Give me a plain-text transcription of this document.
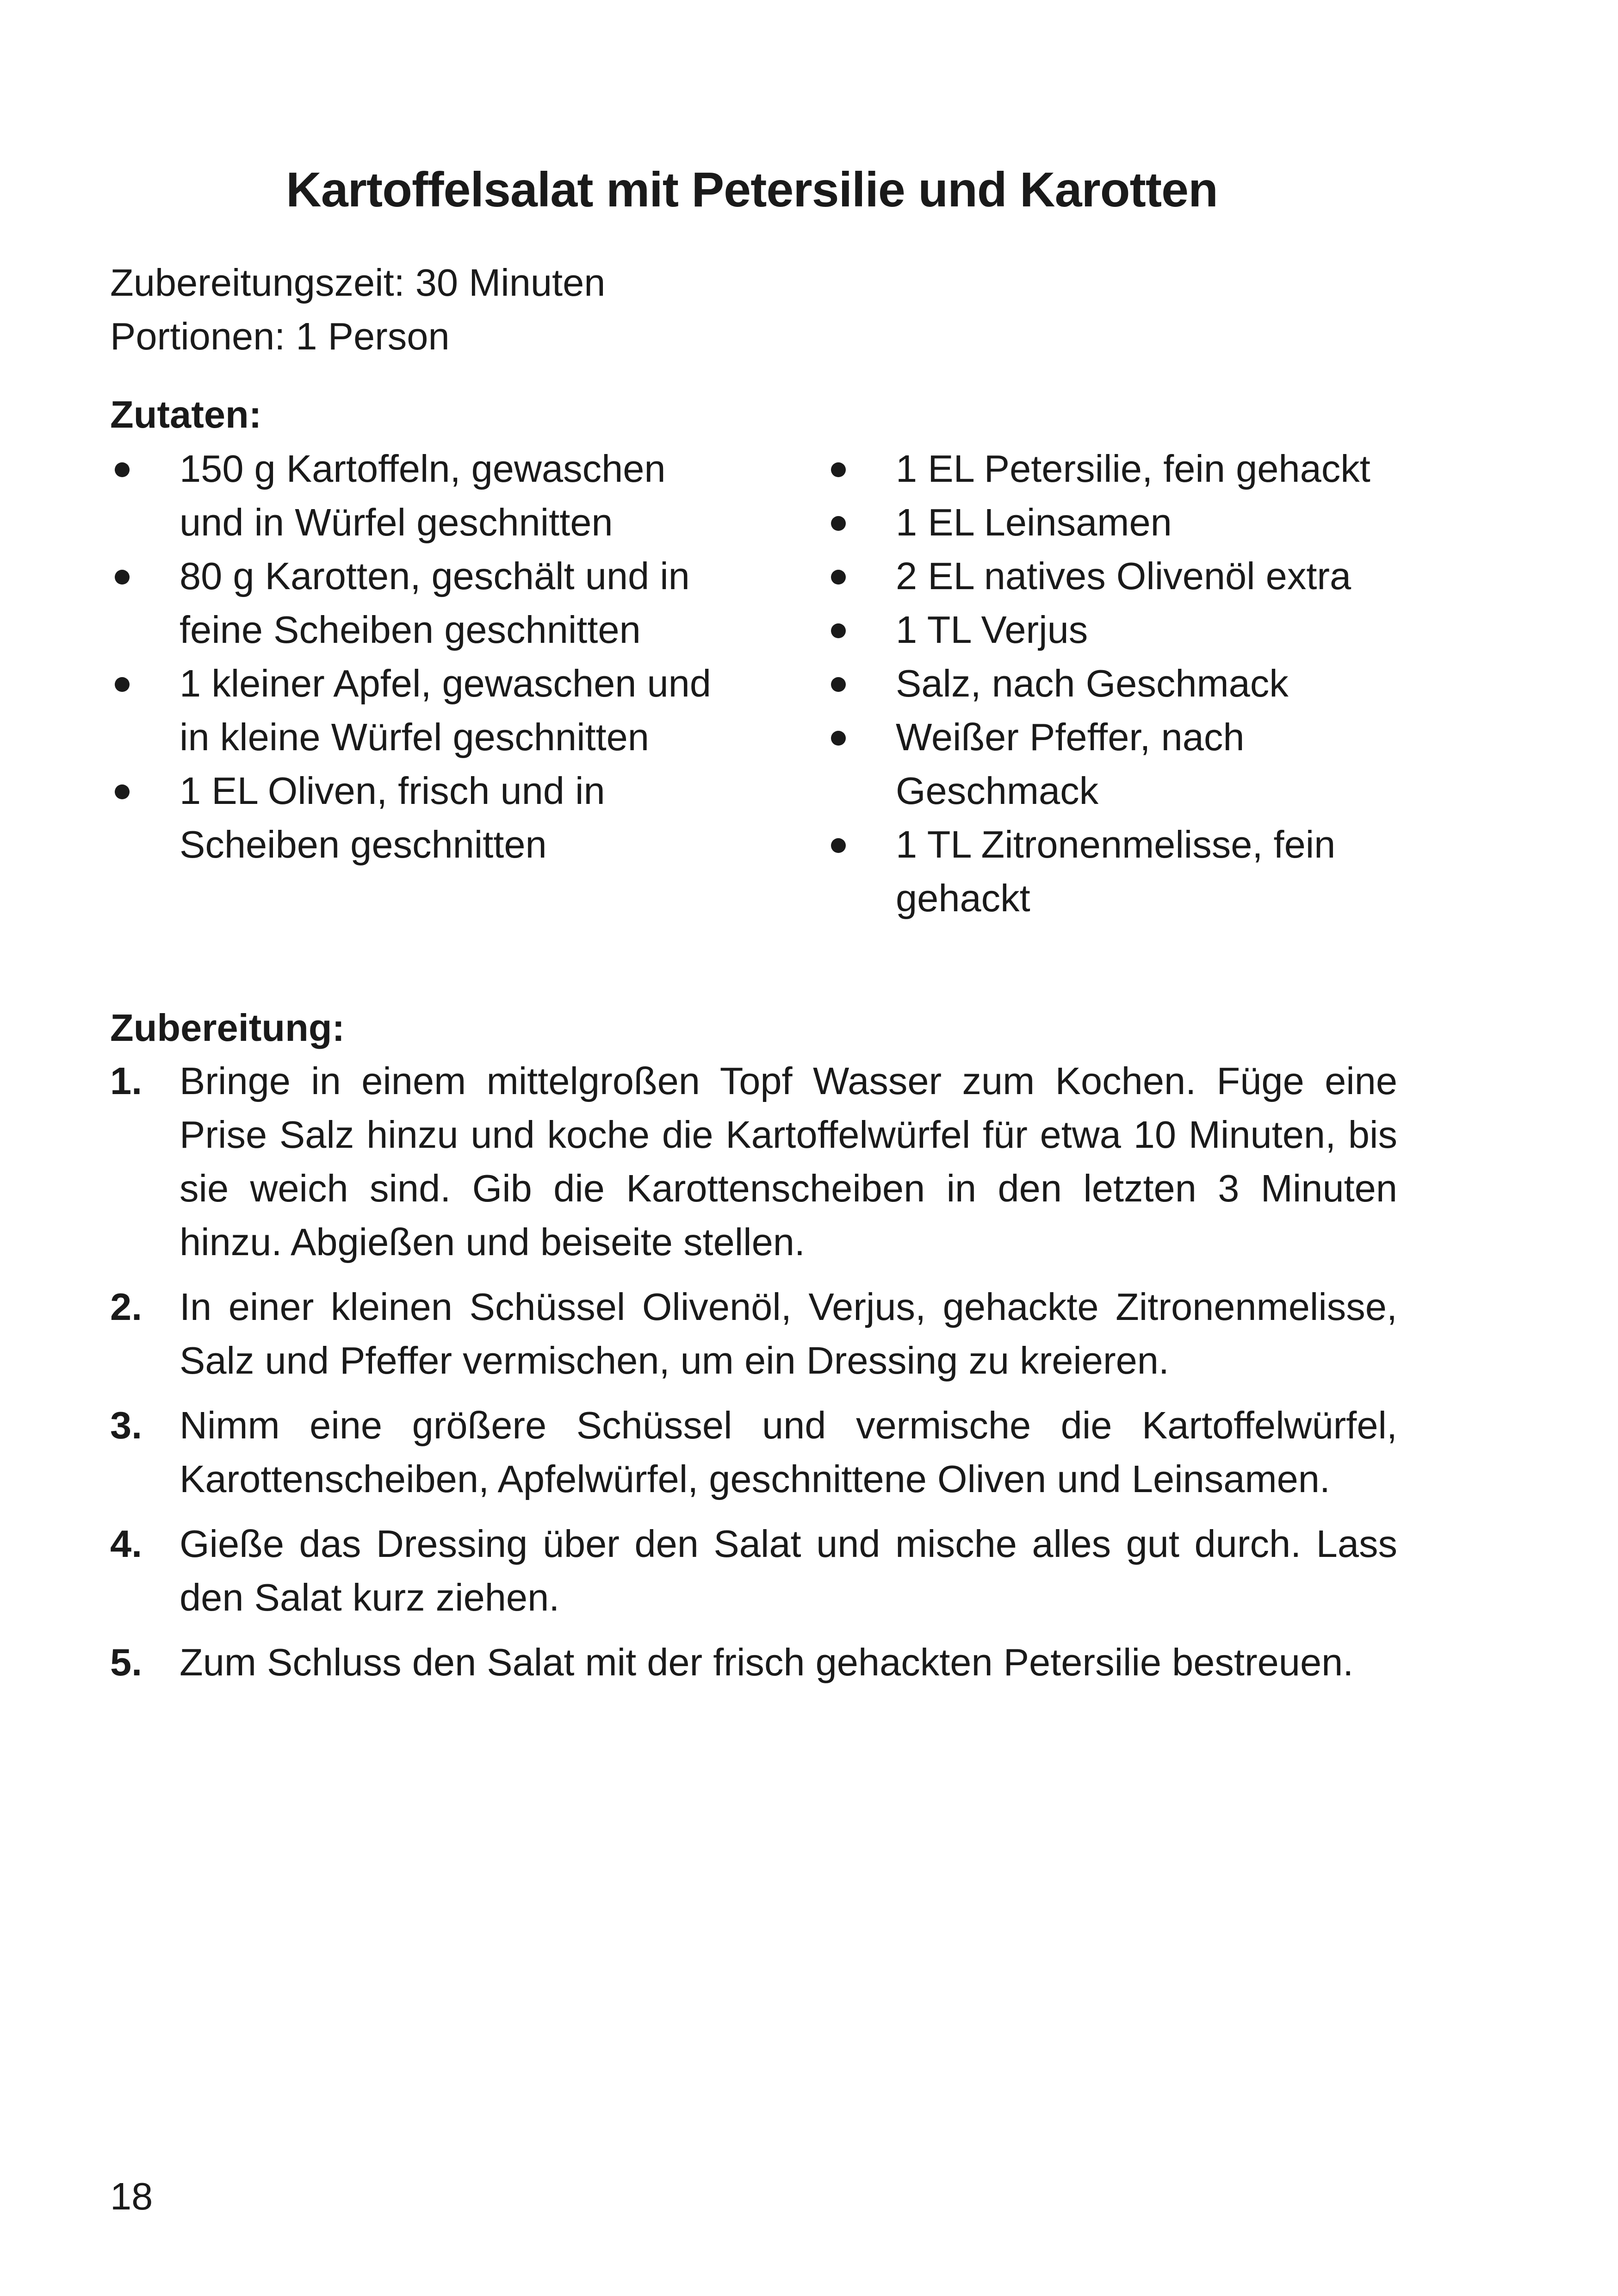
Kartoffelsalat mit Petersilie und Karotten
Zubereitungszeit: 30 Minuten
Portionen: 1 Person
Zutaten:
150 g Kartoffeln, gewaschen und in Würfel geschnitten
80 g Karotten, geschält und in feine Scheiben geschnitten
1 kleiner Apfel, gewaschen und in kleine Würfel geschnitten
1 EL Oliven, frisch und in Scheiben geschnitten
1 EL Petersilie, fein gehackt
1 EL Leinsamen
2 EL natives Olivenöl extra
1 TL Verjus
Salz, nach Geschmack
Weißer Pfeffer, nach Geschmack
1 TL Zitronenmelisse, fein gehackt
Zubereitung:
1. Bringe in einem mittelgroßen Topf Wasser zum Kochen. Füge eine Prise Salz hinzu und koche die Kartoffelwürfel für etwa 10 Minuten, bis sie weich sind. Gib die Karottenscheiben in den letzten 3 Minuten hinzu. Abgießen und beiseite stellen.
2. In einer kleinen Schüssel Olivenöl, Verjus, gehackte Zitronenmelisse, Salz und Pfeffer vermischen, um ein Dressing zu kreieren.
3. Nimm eine größere Schüssel und vermische die Kartoffelwürfel, Karottenscheiben, Apfelwürfel, geschnittene Oliven und Leinsamen.
4. Gieße das Dressing über den Salat und mische alles gut durch. Lass den Salat kurz ziehen.
5. Zum Schluss den Salat mit der frisch gehackten Petersilie bestreuen.
18
